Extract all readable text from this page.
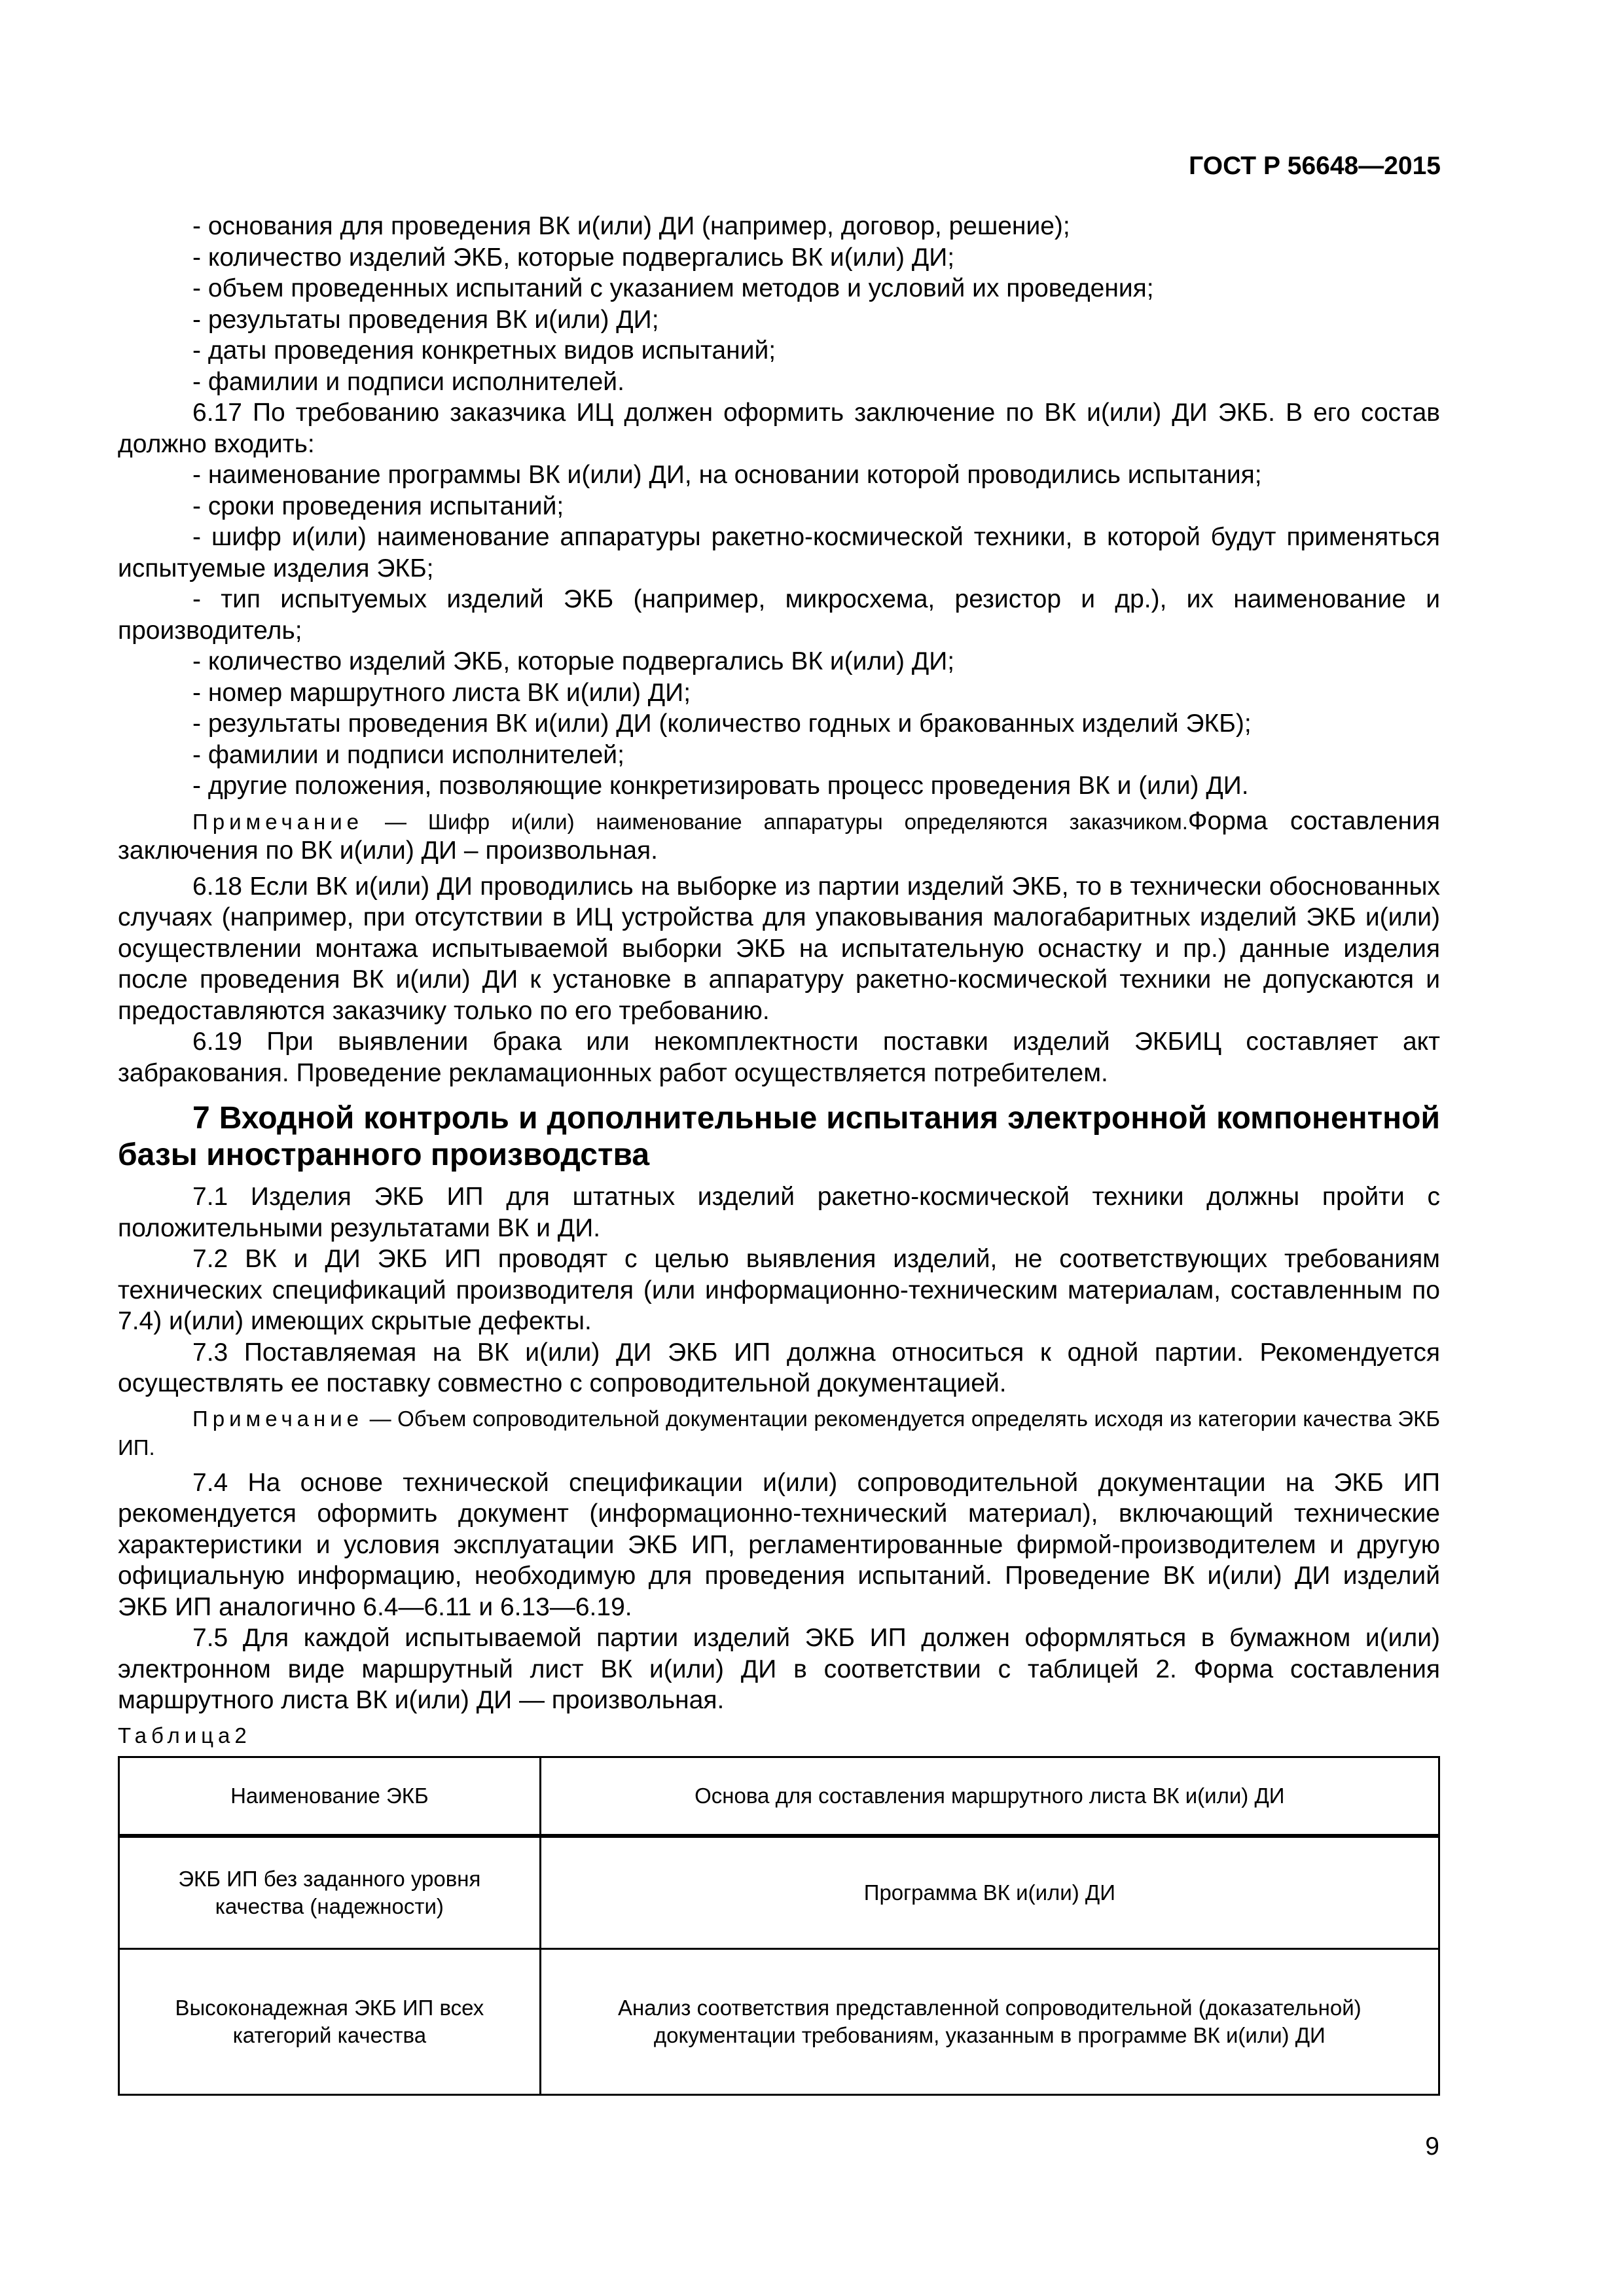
ГОСТ Р 56648—2015

- основания для проведения ВК и(или) ДИ (например, договор, решение);

- количество изделий ЭКБ, которые подвергались ВК и(или) ДИ;

- объем проведенных испытаний с указанием методов и условий их проведения;

- результаты проведения ВК и(или) ДИ;

- даты проведения конкретных видов испытаний;

- фамилии и подписи исполнителей.

6.17 По требованию заказчика ИЦ должен оформить заключение по ВК и(или) ДИ ЭКБ. В его состав должно входить:

- наименование программы ВК и(или) ДИ, на основании которой проводились испытания;

- сроки проведения испытаний;

- шифр и(или) наименование аппаратуры ракетно-космической техники, в которой будут применяться испытуемые изделия ЭКБ;

- тип испытуемых изделий ЭКБ (например, микросхема, резистор и др.), их наименование и производитель;

- количество изделий ЭКБ, которые подвергались ВК и(или) ДИ;

- номер маршрутного листа ВК и(или) ДИ;

- результаты проведения ВК и(или) ДИ (количество годных и бракованных изделий ЭКБ);

- фамилии и подписи исполнителей;

- другие положения, позволяющие конкретизировать процесс проведения ВК и (или) ДИ.

Примечание — Шифр и(или) наименование аппаратуры определяются заказчиком.Форма составления заключения по ВК и(или) ДИ – произвольная.

6.18 Если ВК и(или) ДИ проводились на выборке из партии изделий ЭКБ, то в технически обоснованных случаях (например, при отсутствии в ИЦ устройства для упаковывания малогабаритных изделий ЭКБ и(или) осуществлении монтажа испытываемой выборки ЭКБ на испытательную оснастку и пр.) данные изделия после проведения ВК и(или) ДИ к установке в аппаратуру ракетно-космической техники не допускаются и предоставляются заказчику только по его требованию.

6.19 При выявлении брака или некомплектности поставки изделий ЭКБИЦ составляет акт забракования. Проведение рекламационных работ осуществляется потребителем.

7 Входной контроль и дополнительные испытания электронной компонентной базы иностранного производства

7.1 Изделия ЭКБ ИП для штатных изделий ракетно-космической техники должны пройти с положительными результатами ВК и ДИ.

7.2 ВК и ДИ ЭКБ ИП проводят с целью выявления изделий, не соответствующих требованиям технических спецификаций производителя (или информационно-техническим материалам, составленным по 7.4) и(или) имеющих скрытые дефекты.

7.3 Поставляемая на ВК и(или) ДИ ЭКБ ИП должна относиться к одной партии. Рекомендуется осуществлять ее поставку совместно с сопроводительной документацией.

Примечание — Объем сопроводительной документации рекомендуется определять исходя из категории качества ЭКБ ИП.

7.4 На основе технической спецификации и(или) сопроводительной документации на ЭКБ ИП рекомендуется оформить документ (информационно-технический материал), включающий технические характеристики и условия эксплуатации ЭКБ ИП, регламентированные фирмой-производителем и другую официальную информацию, необходимую для проведения испытаний. Проведение ВК и(или) ДИ изделий ЭКБ ИП аналогично 6.4—6.11 и 6.13—6.19.

7.5 Для каждой испытываемой партии изделий ЭКБ ИП должен оформляться в бумажном и(или) электронном виде маршрутный лист ВК и(или) ДИ в соответствии с таблицей 2. Форма составления маршрутного листа ВК и(или) ДИ — произвольная.

Таблица2

Наименование ЭКБ	Основа для составления маршрутного листа ВК и(или) ДИ
ЭКБ ИП без заданного уровня качества (надежности)	Программа ВК и(или) ДИ
Высоконадежная ЭКБ ИП всех категорий качества	Анализ соответствия представленной сопроводительной (доказательной) документации требованиям, указанным в программе ВК и(или) ДИ
9
